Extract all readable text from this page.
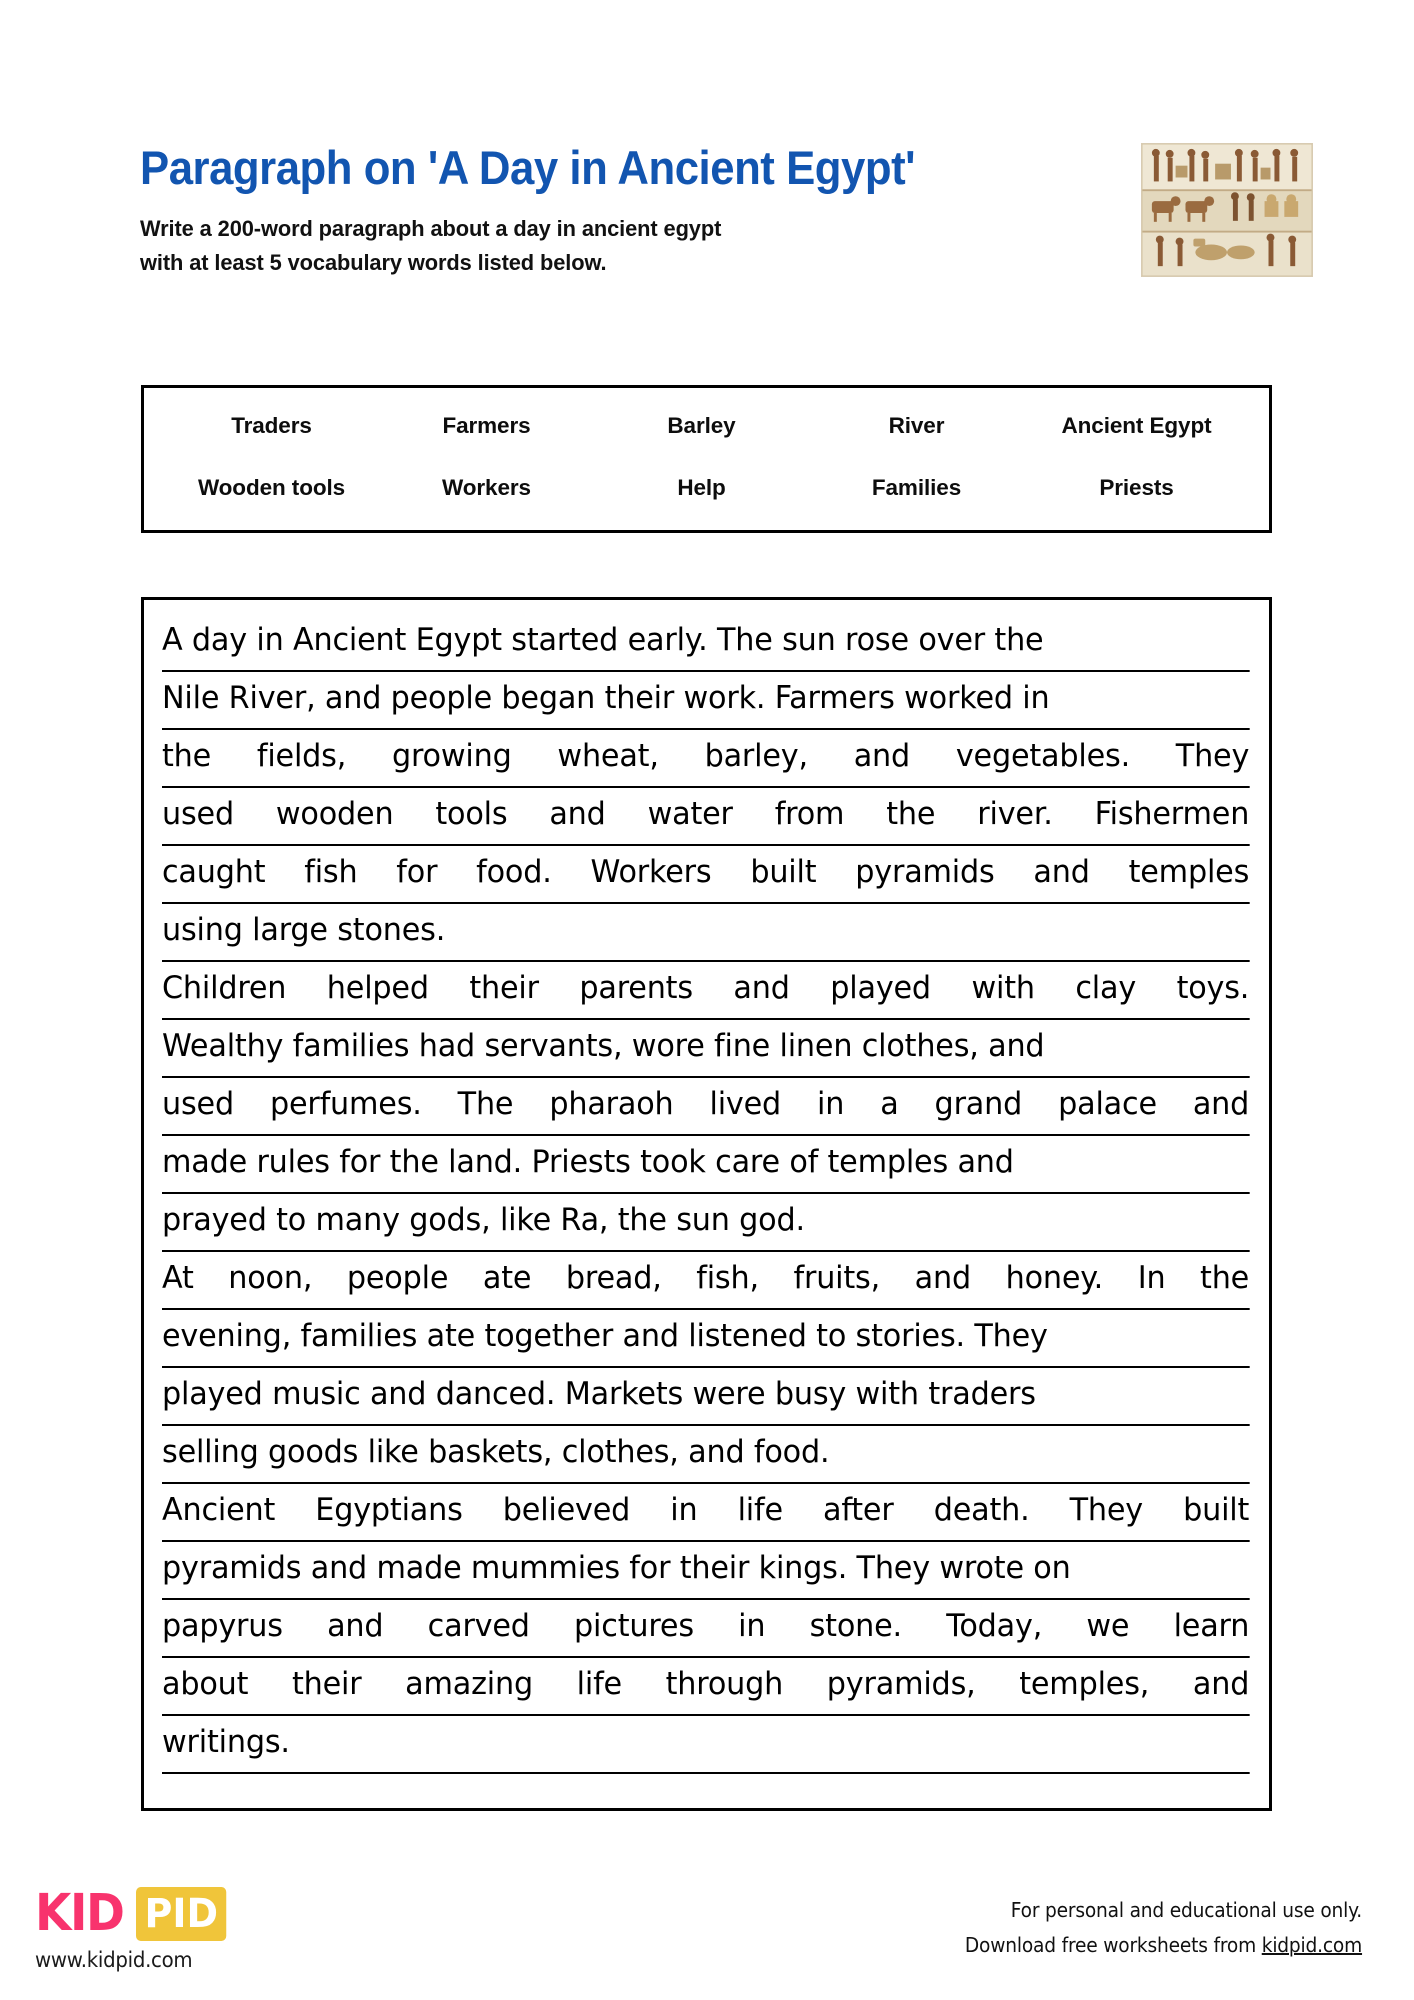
Paragraph on 'A Day in Ancient Egypt'
Write a 200-word paragraph about a day in ancient egypt
with at least 5 vocabulary words listed below.
Traders	Farmers	Barley	River	Ancient Egypt
Wooden tools	Workers	Help	Families	Priests
A day in Ancient Egypt started early. The sun rose over the
Nile River, and people began their work. Farmers worked in
the fields, growing wheat, barley, and vegetables. They
used wooden tools and water from the river. Fishermen
caught fish for food. Workers built pyramids and temples
using large stones.
Children helped their parents and played with clay toys.
Wealthy families had servants, wore fine linen clothes, and
used perfumes. The pharaoh lived in a grand palace and
made rules for the land. Priests took care of temples and
prayed to many gods, like Ra, the sun god.
At noon, people ate bread, fish, fruits, and honey. In the
evening, families ate together and listened to stories. They
played music and danced. Markets were busy with traders
selling goods like baskets, clothes, and food.
Ancient Egyptians believed in life after death. They built
pyramids and made mummies for their kings. They wrote on
papyrus and carved pictures in stone. Today, we learn
about their amazing life through pyramids, temples, and
writings.
KID PID
www.kidpid.com
For personal and educational use only.
Download free worksheets from kidpid.com
